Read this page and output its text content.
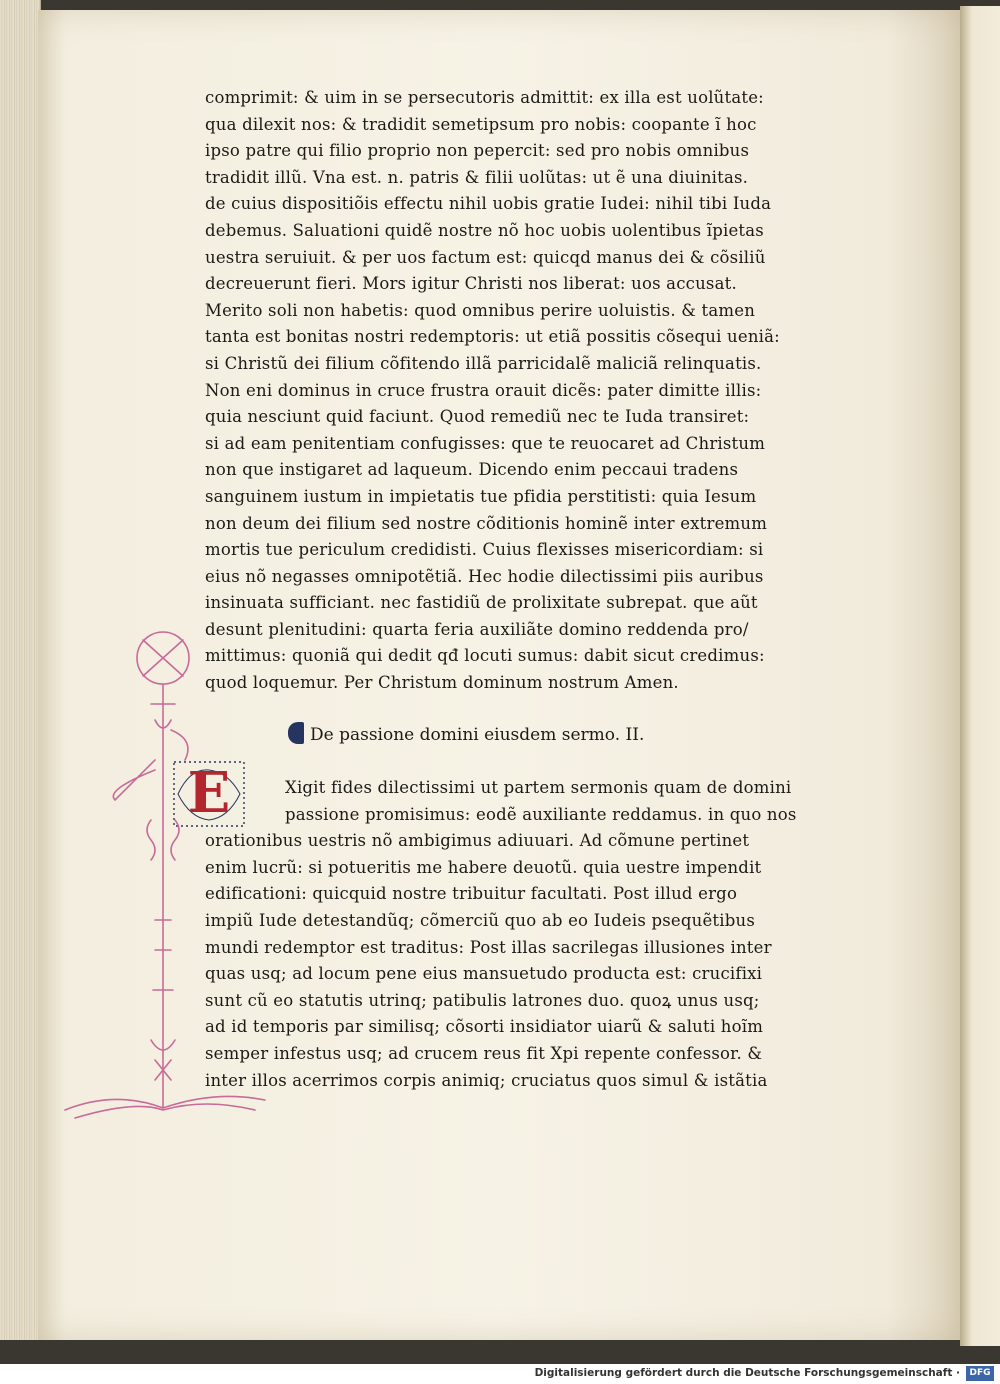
comprimit: & uim in se persecutoris admittit: ex illa est uolũtate:
qua dilexit nos: & tradidit semetipsum pro nobis: coopante ĩ hoc
ipso patre qui filio proprio non pepercit: sed pro nobis omnibus
tradidit illũ. Vna est. n. patris & filii uolũtas: ut ẽ una diuinitas.
de cuius dispositiõis effectu nihil uobis gratie Iudei: nihil tibi Iuda
debemus. Saluationi quidẽ nostre nõ hoc uobis uolentibus ĩpietas
uestra seruiuit. & per uos factum est: quicqd manus dei & cõsiliũ
decreuerunt fieri. Mors igitur Christi nos liberat: uos accusat.
Merito soli non habetis: quod omnibus perire uoluistis. & tamen
tanta est bonitas nostri redemptoris: ut etiã possitis cõsequi ueniã:
si Christũ dei filium cõfitendo illã parricidalẽ maliciã relinquatis.
Non eni dominus in cruce frustra orauit dicẽs: pater dimitte illis:
quia nesciunt quid faciunt. Quod remediũ nec te Iuda transiret:
si ad eam penitentiam confugisses: que te reuocaret ad Christum
non que instigaret ad laqueum. Dicendo enim peccaui tradens
sanguinem iustum in impietatis tue pfidia perstitisti: quia Iesum
non deum dei filium sed nostre cõditionis hominẽ inter extremum
mortis tue periculum credidisti. Cuius flexisses misericordiam: si
eius nõ negasses omnipotẽtiã. Hec hodie dilectissimi piis auribus
insinuata sufficiant. nec fastidiũ de prolixitate subrepat. que aũt
desunt plenitudini: quarta feria auxiliãte domino reddenda pro/
mittimus: quoniã qui dedit qđ locuti sumus: dabit sicut credimus:
quod loquemur. Per Christum dominum nostrum Amen.
De passione domini eiusdem sermo. II.
E	Xigit fides dilectissimi ut partem sermonis quam de domini
passione promisimus: eodẽ auxiliante reddamus. in quo nos
orationibus uestris nõ ambigimus adiuuari. Ad cõmune pertinet
enim lucrũ: si potueritis me habere deuotũ. quia uestre impendit
edificationi: quicquid nostre tribuitur facultati. Post illud ergo
impiũ Iude detestandũq; cõmerciũ quo ab eo Iudeis psequẽtibus
mundi redemptor est traditus: Post illas sacrilegas illusiones inter
quas usq; ad locum pene eius mansuetudo producta est: crucifixi
sunt cũ eo statutis utrinq; patibulis latrones duo. quoꝝ unus usq;
ad id temporis par similisq; cõsorti insidiator uiarũ & saluti hoĩm
semper infestus usq; ad crucem reus fit Xpi repente confessor. &
inter illos acerrimos corpis animiq; cruciatus quos simul & istãtia
Digitalisierung gefördert durch die Deutsche Forschungsgemeinschaft ·	DFG
